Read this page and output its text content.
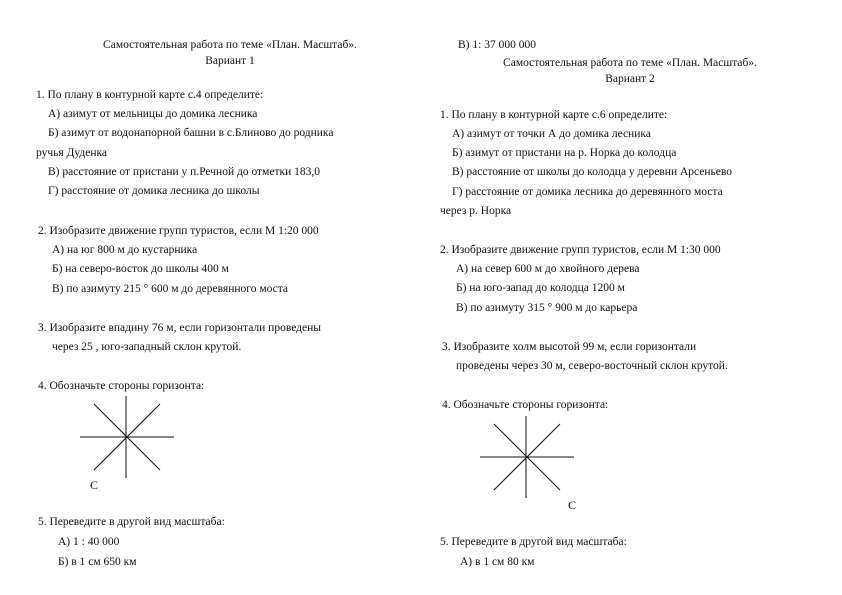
Самостоятельная работа по теме «План. Масштаб».
Вариант 1
1. По плану в контурной карте с.4 определите:
А) азимут от мельницы до домика лесника
Б) азимут от водонапорной башни в с.Блиново до родника
ручья Дуденка
В) расстояние от пристани у п.Речной до отметки 183,0
Г) расстояние от домика лесника до школы
2. Изобразите движение групп туристов, если М 1:20 000
А) на юг 800 м до кустарника
Б) на северо-восток до школы 400 м
В) по азимуту 215 ° 600 м до деревянного моста
3. Изобразите впадину 76 м, если горизонтали проведены
через 25 , юго-западный склон крутой.
4. Обозначьте стороны горизонта:
С
5. Переведите в другой вид масштаба:
А) 1 : 40 000
Б) в 1 см 650 км
В) 1: 37 000 000
Самостоятельная работа по теме «План. Масштаб».
Вариант 2
1. По плану в контурной карте с.6 определите:
А) азимут от точки А до домика лесника
Б) азимут от пристани на р. Норка до колодца
В) расстояние от школы до колодца у деревни Арсеньево
Г) расстояние от домика лесника до деревянного моста
через р. Норка
2. Изобразите движение групп туристов, если М 1:30 000
А) на север 600 м до хвойного дерева
Б) на юго-запад до колодца 1200 м
В) по азимуту 315 ° 900 м до карьера
3. Изобразите холм высотой 99 м, если горизонтали
проведены через 30 м, северо-восточный склон крутой.
4. Обозначьте стороны горизонта:
С
5. Переведите в другой вид масштаба:
А) в 1 см 80 км
